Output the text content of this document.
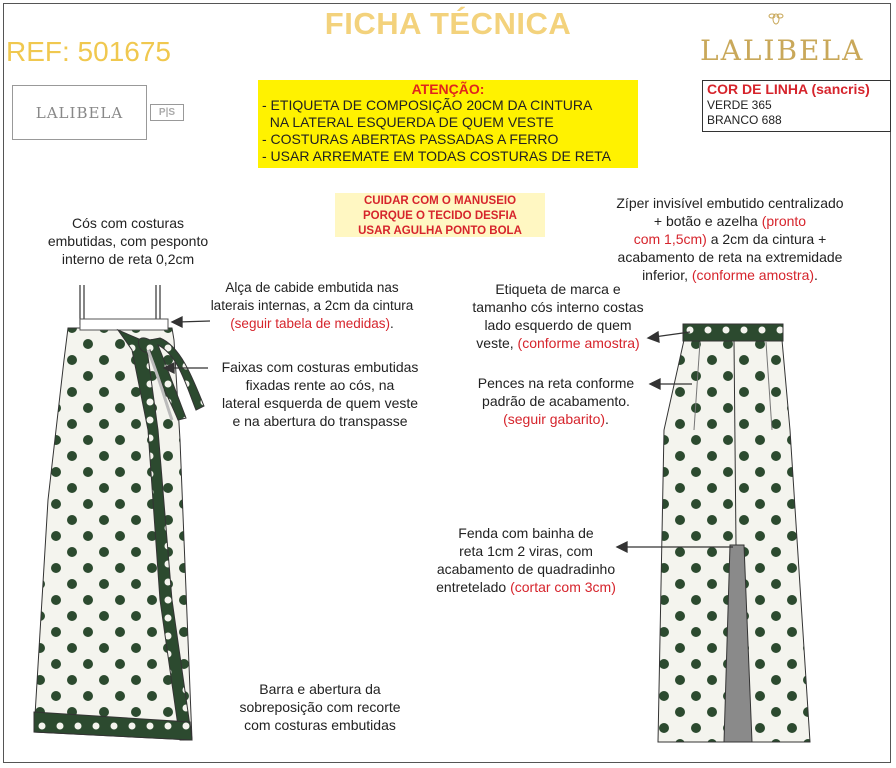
FICHA TÉCNICA
REF: 501675	LALIBELA
LALIBELA	P|S
ATENÇÃO:
- ETIQUETA DE COMPOSIÇÃO 20CM DA CINTURA
NA LATERAL ESQUERDA DE QUEM VESTE
- COSTURAS ABERTAS PASSADAS A FERRO
- USAR ARREMATE EM TODAS COSTURAS DE RETA
COR DE LINHA (sancris)
VERDE 365
BRANCO 688
CUIDAR COM O MANUSEIO
PORQUE O TECIDO DESFIA
USAR AGULHA PONTO BOLA
Cós com costuras
embutidas, com pesponto
interno de reta 0,2cm
Alça de cabide embutida nas
laterais internas, a 2cm da cintura
(seguir tabela de medidas).
Faixas com costuras embutidas
fixadas rente ao cós, na
lateral esquerda de quem veste
e na abertura do transpasse
Barra e abertura da
sobreposição com recorte
com costuras embutidas
Zíper invisível embutido centralizado
+ botão e azelha (pronto
com 1,5cm) a 2cm da cintura +
acabamento de reta na extremidade
inferior, (conforme amostra).
Etiqueta de marca e
tamanho cós interno costas
lado esquerdo de quem
veste, (conforme amostra)
Pences na reta conforme
padrão de acabamento.
(seguir gabarito).
Fenda com bainha de
reta 1cm 2 viras, com
acabamento de quadradinho
entretelado (cortar com 3cm)
